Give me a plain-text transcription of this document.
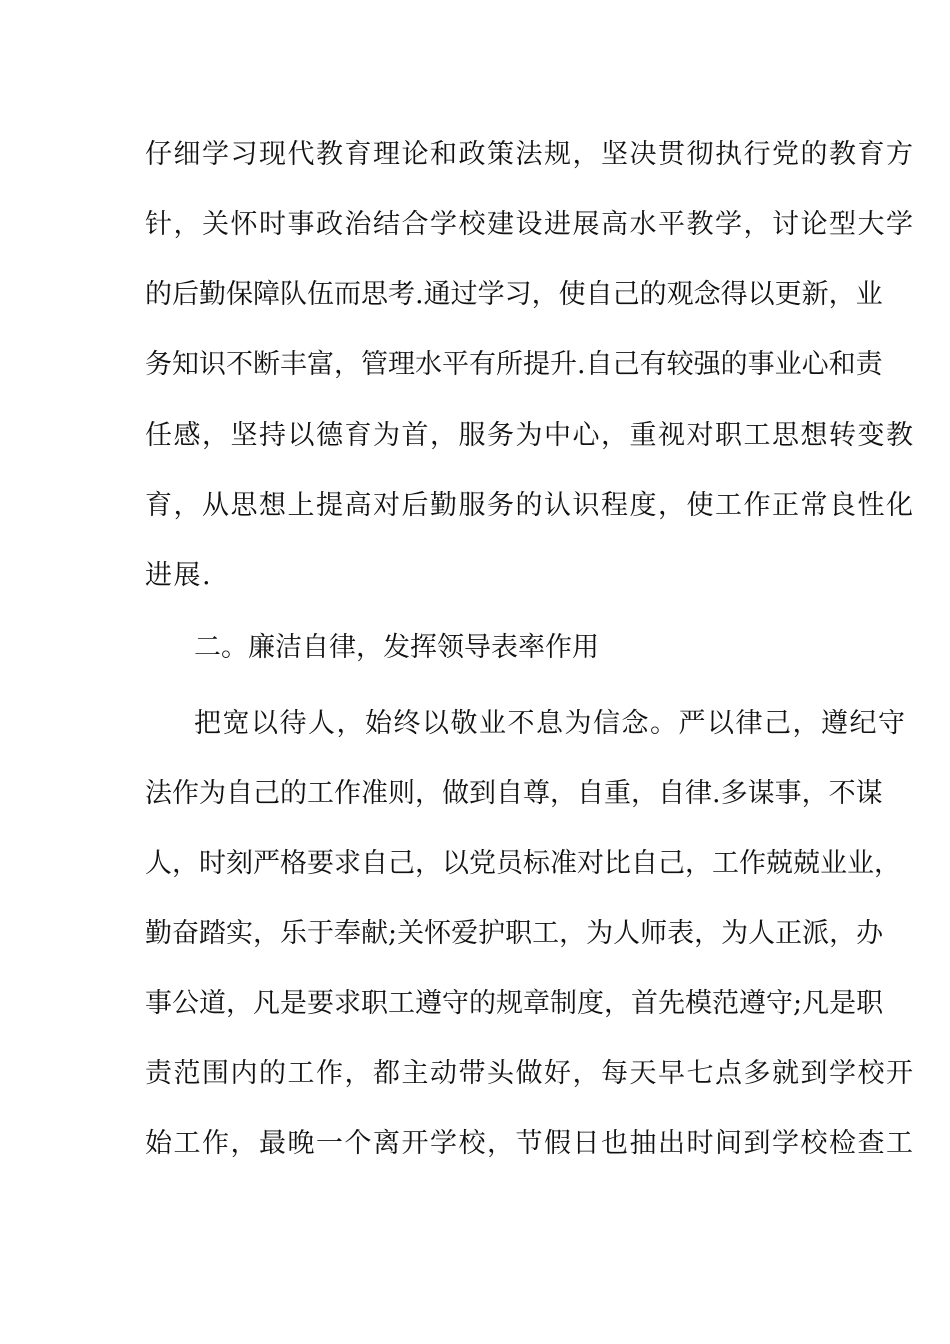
仔细学习现代教育理论和政策法规，坚决贯彻执行党的教育方
针，关怀时事政治结合学校建设进展高水平教学，讨论型大学
的后勤保障队伍而思考.通过学习，使自己的观念得以更新，业
务知识不断丰富，管理水平有所提升.自己有较强的事业心和责
任感，坚持以德育为首，服务为中心，重视对职工思想转变教
育，从思想上提高对后勤服务的认识程度，使工作正常良性化
进展.
二。廉洁自律，发挥领导表率作用
把宽以待人，始终以敬业不息为信念。严以律己，遵纪守
法作为自己的工作准则，做到自尊，自重，自律.多谋事，不谋
人，时刻严格要求自己，以党员标准对比自己，工作兢兢业业，
勤奋踏实，乐于奉献;关怀爱护职工，为人师表，为人正派，办
事公道，凡是要求职工遵守的规章制度，首先模范遵守;凡是职
责范围内的工作，都主动带头做好，每天早七点多就到学校开
始工作，最晚一个离开学校，节假日也抽出时间到学校检查工
